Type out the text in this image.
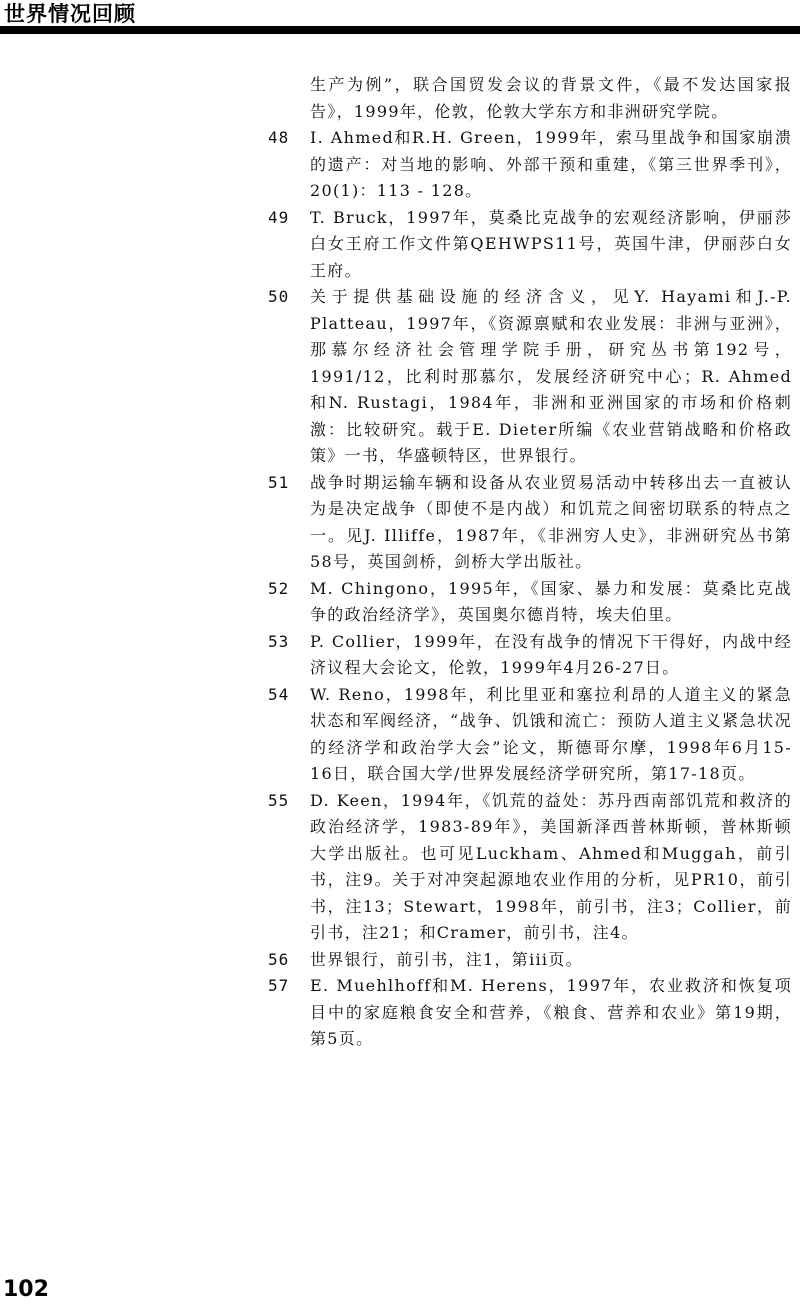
世界情况回顾
生产为例”，联合国贸发会议的背景文件，《最不发达国家报告》，1999年，伦敦，伦敦大学东方和非洲研究学院。
48	I. Ahmed和R.H. Green，1999年，索马里战争和国家崩溃的遗产：对当地的影响、外部干预和重建，《第三世界季刊》，20(1)：113 - 128。
49	T. Bruck，1997年，莫桑比克战争的宏观经济影响，伊丽莎白女王府工作文件第QEHWPS11号，英国牛津，伊丽莎白女王府。
50	关于提供基础设施的经济含义，见Y. Hayami和J.-P. Platteau，1997年，《资源禀赋和农业发展：非洲与亚洲》，那慕尔经济社会管理学院手册，研究丛书第192号，1991/12，比利时那慕尔，发展经济研究中心；R. Ahmed 和N. Rustagi，1984年，非洲和亚洲国家的市场和价格刺激：比较研究。载于E. Dieter所编《农业营销战略和价格政策》一书，华盛顿特区，世界银行。
51	战争时期运输车辆和设备从农业贸易活动中转移出去一直被认为是决定战争（即使不是内战）和饥荒之间密切联系的特点之一。见J. Illiffe，1987年，《非洲穷人史》，非洲研究丛书第58号，英国剑桥，剑桥大学出版社。
52	M. Chingono，1995年，《国家、暴力和发展：莫桑比克战争的政治经济学》，英国奥尔德肖特，埃夫伯里。
53	P. Collier，1999年，在没有战争的情况下干得好，内战中经济议程大会论文，伦敦，1999年4月26-27日。
54	W. Reno，1998年，利比里亚和塞拉利昂的人道主义的紧急状态和军阀经济，“战争、饥饿和流亡：预防人道主义紧急状况的经济学和政治学大会”论文，斯德哥尔摩，1998年6月15-16日，联合国大学/世界发展经济学研究所，第17-18页。
55	D. Keen，1994年，《饥荒的益处：苏丹西南部饥荒和救济的政治经济学，1983-89年》，美国新泽西普林斯顿，普林斯顿大学出版社。也可见Luckham、Ahmed和Muggah，前引书，注9。关于对冲突起源地农业作用的分析，见PR10，前引书，注13；Stewart，1998年，前引书，注3；Collier，前引书，注21；和Cramer，前引书，注4。
56	世界银行，前引书，注1，第iii页。
57	E. Muehlhoff和M. Herens，1997年，农业救济和恢复项目中的家庭粮食安全和营养，《粮食、营养和农业》第19期，第5页。
102
